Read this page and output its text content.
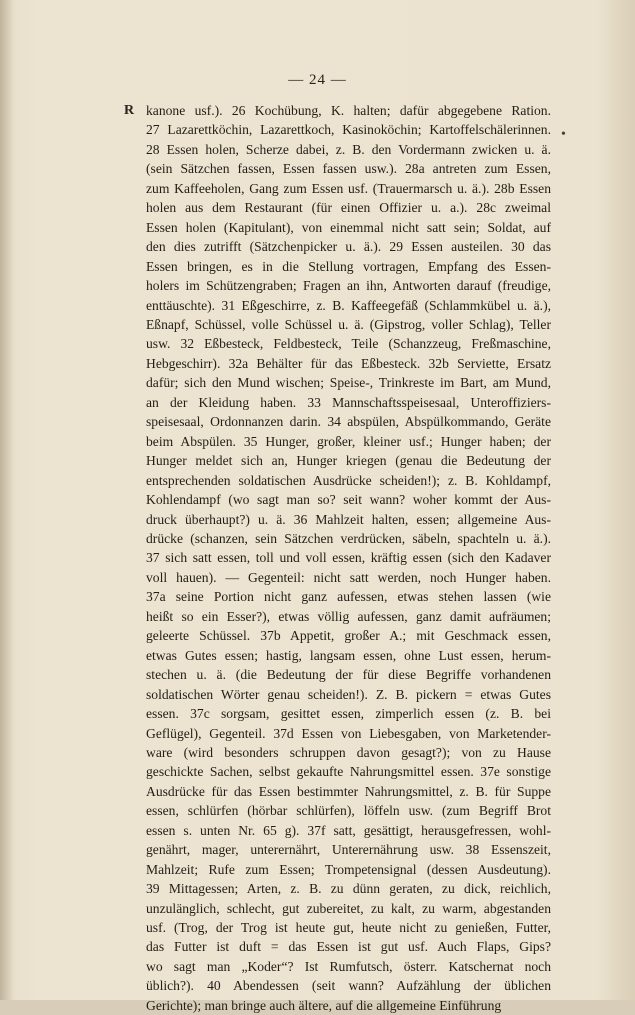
— 24 —
R
•
kanone usf.). 26 Kochübung, K. halten; dafür abgegebene Ration.
27 Lazarettköchin, Lazarettkoch, Kasinoköchin; Kartoffelschälerinnen.
28 Essen holen, Scherze dabei, z. B. den Vordermann zwicken u. ä.
(sein Sätzchen fassen, Essen fassen usw.). 28a antreten zum Essen,
zum Kaffeeholen, Gang zum Essen usf. (Trauermarsch u. ä.). 28b Essen
holen aus dem Restaurant (für einen Offizier u. a.). 28c zweimal
Essen holen (Kapitulant), von einemmal nicht satt sein; Soldat, auf
den dies zutrifft (Sätzchenpicker u. ä.). 29 Essen austeilen. 30 das
Essen bringen, es in die Stellung vortragen, Empfang des Essen-
holers im Schützengraben; Fragen an ihn, Antworten darauf (freudige,
enttäuschte). 31 Eßgeschirre, z. B. Kaffeegefäß (Schlammkübel u. ä.),
Eßnapf, Schüssel, volle Schüssel u. ä. (Gipstrog, voller Schlag), Teller
usw. 32 Eßbesteck, Feldbesteck, Teile (Schanzzeug, Freßmaschine,
Hebgeschirr). 32a Behälter für das Eßbesteck. 32b Serviette, Ersatz
dafür; sich den Mund wischen; Speise-, Trinkreste im Bart, am Mund,
an der Kleidung haben. 33 Mannschaftsspeisesaal, Unteroffiziers-
speisesaal, Ordonnanzen darin. 34 abspülen, Abspülkommando, Geräte
beim Abspülen. 35 Hunger, großer, kleiner usf.; Hunger haben; der
Hunger meldet sich an, Hunger kriegen (genau die Bedeutung der
entsprechenden soldatischen Ausdrücke scheiden!); z. B. Kohldampf,
Kohlendampf (wo sagt man so? seit wann? woher kommt der Aus-
druck überhaupt?) u. ä. 36 Mahlzeit halten, essen; allgemeine Aus-
drücke (schanzen, sein Sätzchen verdrücken, säbeln, spachteln u. ä.).
37 sich satt essen, toll und voll essen, kräftig essen (sich den Kadaver
voll hauen). — Gegenteil: nicht satt werden, noch Hunger haben.
37a seine Portion nicht ganz aufessen, etwas stehen lassen (wie
heißt so ein Esser?), etwas völlig aufessen, ganz damit aufräumen;
geleerte Schüssel. 37b Appetit, großer A.; mit Geschmack essen,
etwas Gutes essen; hastig, langsam essen, ohne Lust essen, herum-
stechen u. ä. (die Bedeutung der für diese Begriffe vorhandenen
soldatischen Wörter genau scheiden!). Z. B. pickern = etwas Gutes
essen. 37c sorgsam, gesittet essen, zimperlich essen (z. B. bei
Geflügel), Gegenteil. 37d Essen von Liebesgaben, von Marketender-
ware (wird besonders schruppen davon gesagt?); von zu Hause
geschickte Sachen, selbst gekaufte Nahrungsmittel essen. 37e sonstige
Ausdrücke für das Essen bestimmter Nahrungsmittel, z. B. für Suppe
essen, schlürfen (hörbar schlürfen), löffeln usw. (zum Begriff Brot
essen s. unten Nr. 65 g). 37f satt, gesättigt, herausgefressen, wohl-
genährt, mager, unterernährt, Unterernährung usw. 38 Essenszeit,
Mahlzeit; Rufe zum Essen; Trompetensignal (dessen Ausdeutung).
39 Mittagessen; Arten, z. B. zu dünn geraten, zu dick, reichlich,
unzulänglich, schlecht, gut zubereitet, zu kalt, zu warm, abgestanden
usf. (Trog, der Trog ist heute gut, heute nicht zu genießen, Futter,
das Futter ist duft = das Essen ist gut usf. Auch Flaps, Gips?
wo sagt man „Koder“? Ist Rumfutsch, österr. Katschernat noch
üblich?). 40 Abendessen (seit wann? Aufzählung der üblichen
Gerichte); man bringe auch ältere, auf die allgemeine Einführung
